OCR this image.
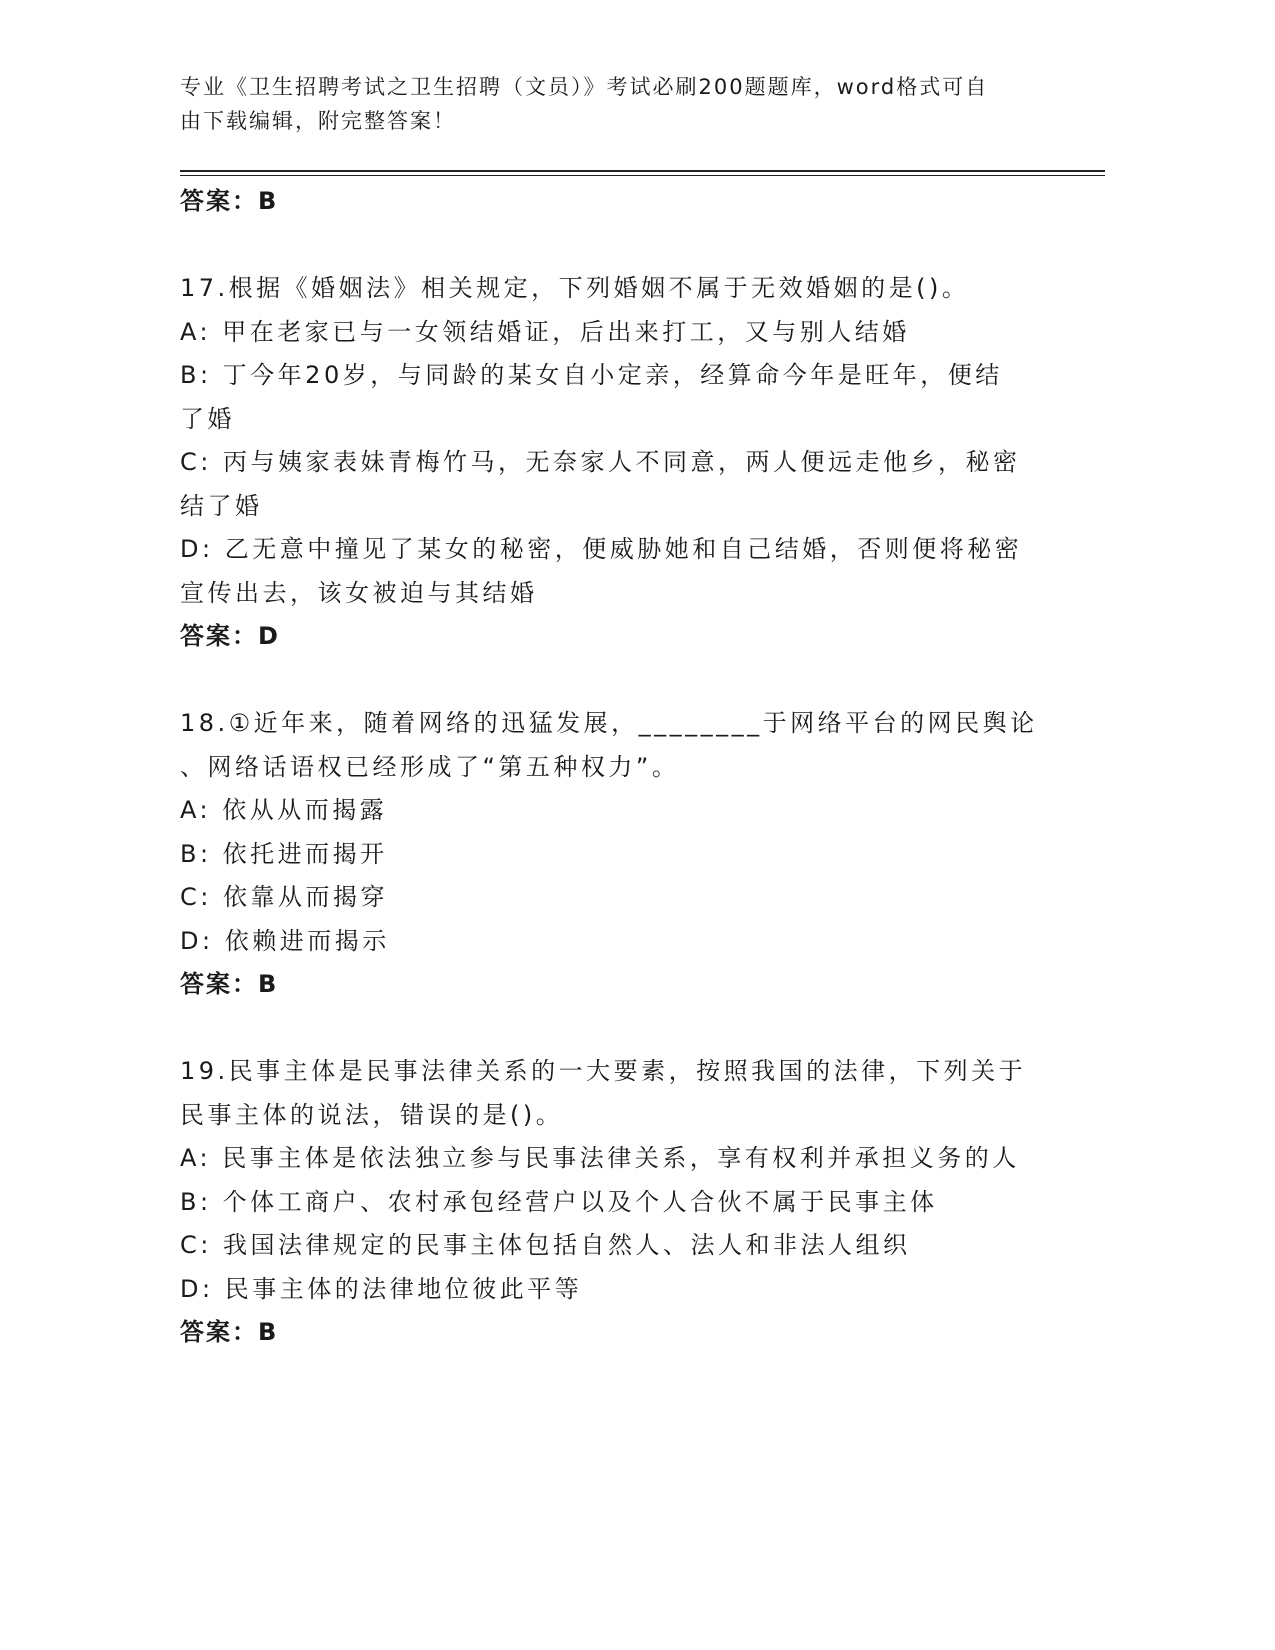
专业《卫生招聘考试之卫生招聘（文员）》考试必刷200题题库，word格式可自
由下载编辑，附完整答案！
答案：B
17.根据《婚姻法》相关规定，下列婚姻不属于无效婚姻的是()。
A: 甲在老家已与一女领结婚证，后出来打工，又与别人结婚
B: 丁今年20岁，与同龄的某女自小定亲，经算命今年是旺年，便结
了婚
C: 丙与姨家表妹青梅竹马，无奈家人不同意，两人便远走他乡，秘密
结了婚
D: 乙无意中撞见了某女的秘密，便威胁她和自己结婚，否则便将秘密
宣传出去，该女被迫与其结婚
答案：D
18.①近年来，随着网络的迅猛发展，________于网络平台的网民舆论
、网络话语权已经形成了“第五种权力”。
A: 依从从而揭露
B: 依托进而揭开
C: 依靠从而揭穿
D: 依赖进而揭示
答案：B
19.民事主体是民事法律关系的一大要素，按照我国的法律，下列关于
民事主体的说法，错误的是()。
A: 民事主体是依法独立参与民事法律关系，享有权利并承担义务的人
B: 个体工商户、农村承包经营户以及个人合伙不属于民事主体
C: 我国法律规定的民事主体包括自然人、法人和非法人组织
D: 民事主体的法律地位彼此平等
答案：B
